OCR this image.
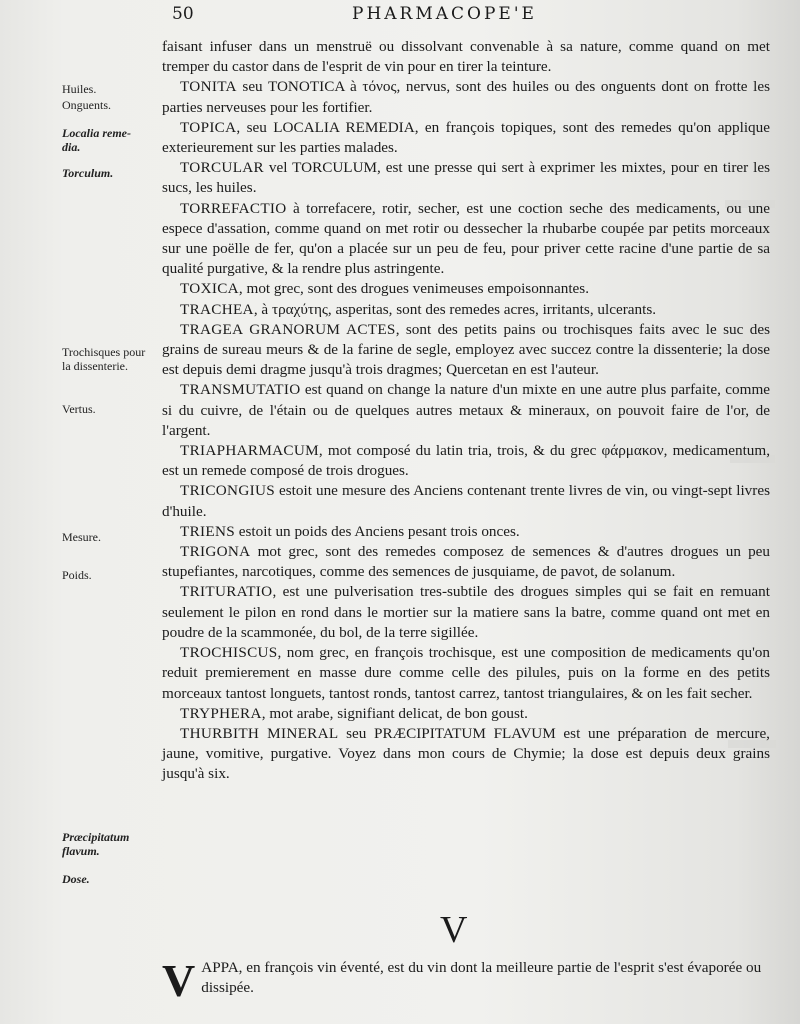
50	PHARMACOPE'E
Huiles.
Onguents.
Localia reme-dia.
Torculum.
Trochisques pour la dissenterie.
Vertus.
Mesure.
Poids.
Præcipitatum flavum.
Dose.

faisant infuser dans un menstruë ou dissolvant convenable à sa nature, comme quand on met tremper du castor dans de l'esprit de vin pour en tirer la teinture.

TONITA seu TONOTICA à τόνος, nervus, sont des huiles ou des onguents dont on frotte les parties nerveuses pour les fortifier.

TOPICA, seu LOCALIA REMEDIA, en françois topiques, sont des remedes qu'on applique exterieurement sur les parties malades.

TORCULAR vel TORCULUM, est une presse qui sert à exprimer les mixtes, pour en tirer les sucs, les huiles.

TORREFACTIO à torrefacere, rotir, secher, est une coction seche des medicaments, ou une espece d'assation, comme quand on met rotir ou dessecher la rhubarbe coupée par petits morceaux sur une poëlle de fer, qu'on a placée sur un peu de feu, pour priver cette racine d'une partie de sa qualité purgative, & la rendre plus astringente.

TOXICA, mot grec, sont des drogues venimeuses empoisonnantes.

TRACHEA, à τραχύτης, asperitas, sont des remedes acres, irritants, ulcerants.

TRAGEA GRANORUM ACTES, sont des petits pains ou trochisques faits avec le suc des grains de sureau meurs & de la farine de segle, employez avec succez contre la dissenterie; la dose est depuis demi dragme jusqu'à trois dragmes; Quercetan en est l'auteur.

TRANSMUTATIO est quand on change la nature d'un mixte en une autre plus parfaite, comme si du cuivre, de l'étain ou de quelques autres metaux & mineraux, on pouvoit faire de l'or, de l'argent.

TRIAPHARMACUM, mot composé du latin tria, trois, & du grec φάρμακον, medicamentum, est un remede composé de trois drogues.

TRICONGIUS estoit une mesure des Anciens contenant trente livres de vin, ou vingt-sept livres d'huile.

TRIENS estoit un poids des Anciens pesant trois onces.

TRIGONA mot grec, sont des remedes composez de semences & d'autres drogues un peu stupefiantes, narcotiques, comme des semences de jusquiame, de pavot, de solanum.

TRITURATIO, est une pulverisation tres-subtile des drogues simples qui se fait en remuant seulement le pilon en rond dans le mortier sur la matiere sans la batre, comme quand ont met en poudre de la scammonée, du bol, de la terre sigillée.

TROCHISCUS, nom grec, en françois trochisque, est une composition de medicaments qu'on reduit premierement en masse dure comme celle des pilules, puis on la forme en des petits morceaux tantost longuets, tantost ronds, tantost carrez, tantost triangulaires, & on les fait secher.

TRYPHERA, mot arabe, signifiant delicat, de bon goust.

THURBITH MINERAL seu PRÆCIPITATUM FLAVUM est une préparation de mercure, jaune, vomitive, purgative. Voyez dans mon cours de Chymie; la dose est depuis deux grains jusqu'à six.

V
V APPA, en françois vin éventé, est du vin dont la meilleure partie de l'esprit s'est évaporée ou dissipée.
